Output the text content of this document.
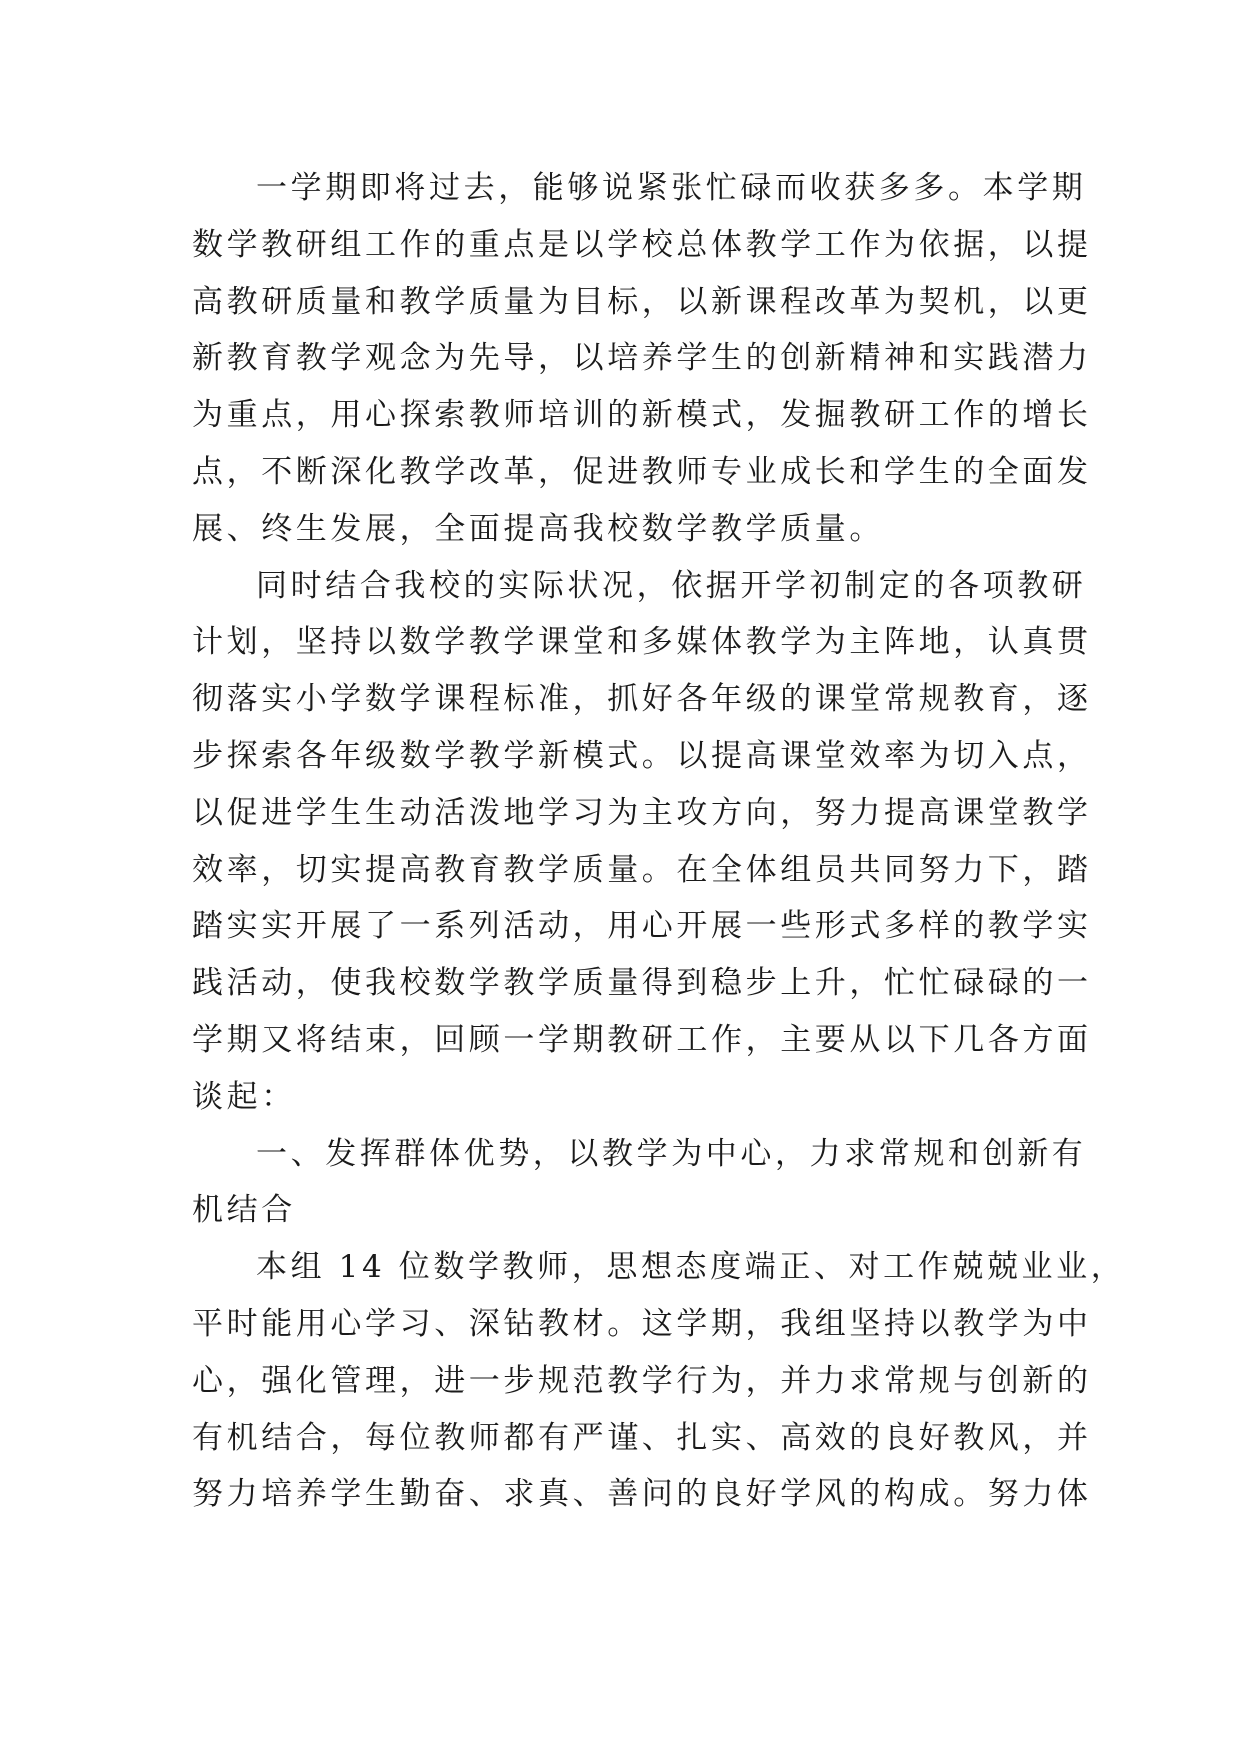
一学期即将过去，能够说紧张忙碌而收获多多。本学期
数学教研组工作的重点是以学校总体教学工作为依据，以提
高教研质量和教学质量为目标，以新课程改革为契机，以更
新教育教学观念为先导，以培养学生的创新精神和实践潜力
为重点，用心探索教师培训的新模式，发掘教研工作的增长
点，不断深化教学改革，促进教师专业成长和学生的全面发
展、终生发展，全面提高我校数学教学质量。
同时结合我校的实际状况，依据开学初制定的各项教研
计划，坚持以数学教学课堂和多媒体教学为主阵地，认真贯
彻落实小学数学课程标准，抓好各年级的课堂常规教育，逐
步探索各年级数学教学新模式。以提高课堂效率为切入点，
以促进学生生动活泼地学习为主攻方向，努力提高课堂教学
效率，切实提高教育教学质量。在全体组员共同努力下，踏
踏实实开展了一系列活动，用心开展一些形式多样的教学实
践活动，使我校数学教学质量得到稳步上升，忙忙碌碌的一
学期又将结束，回顾一学期教研工作，主要从以下几各方面
谈起：
一、发挥群体优势，以教学为中心，力求常规和创新有
机结合
本组 14 位数学教师，思想态度端正、对工作兢兢业业，
平时能用心学习、深钻教材。这学期，我组坚持以教学为中
心，强化管理，进一步规范教学行为，并力求常规与创新的
有机结合，每位教师都有严谨、扎实、高效的良好教风，并
努力培养学生勤奋、求真、善问的良好学风的构成。努力体
